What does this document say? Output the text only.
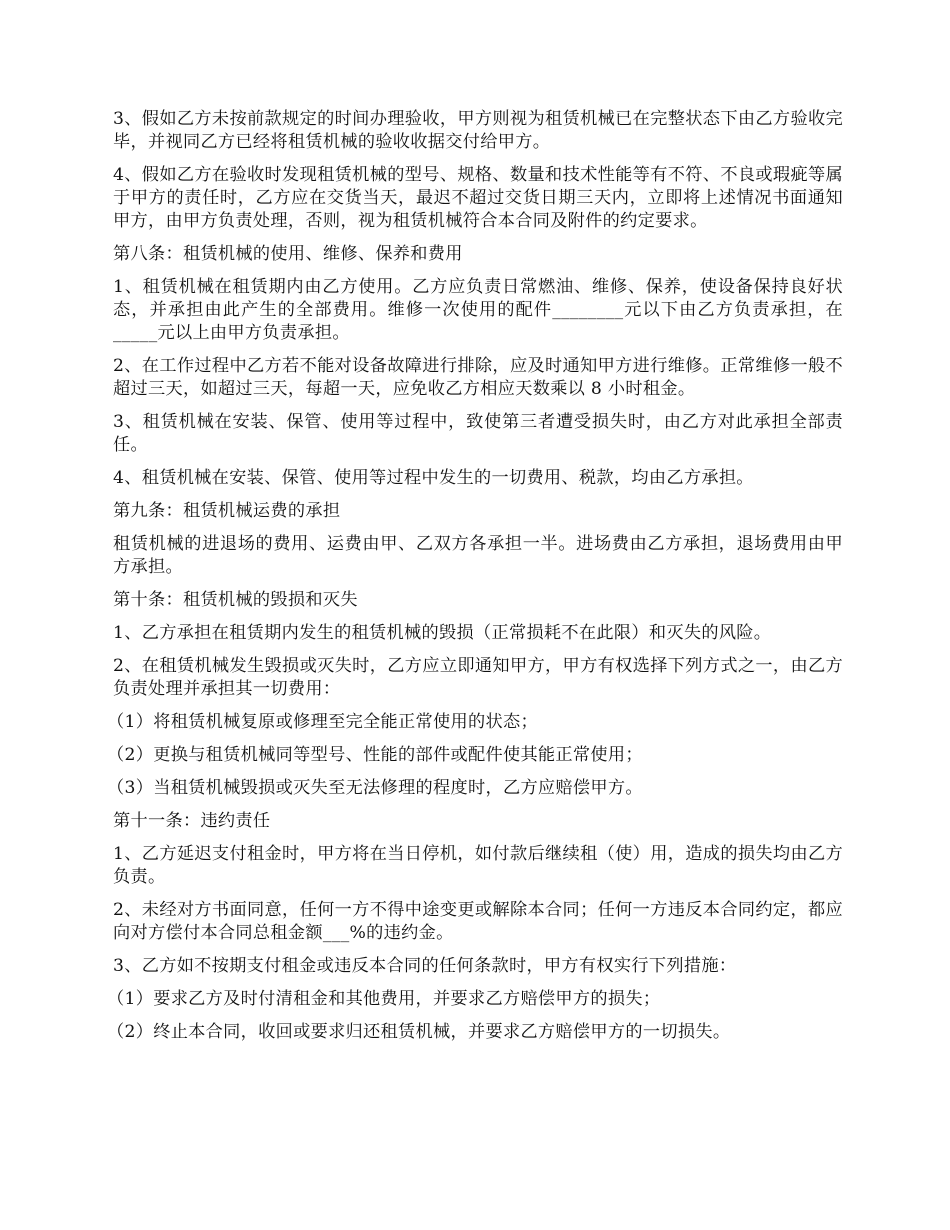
3、假如乙方未按前款规定的时间办理验收，甲方则视为租赁机械已在完整状态下由乙方验收完毕，并视同乙方已经将租赁机械的验收收据交付给甲方。

4、假如乙方在验收时发现租赁机械的型号、规格、数量和技术性能等有不符、不良或瑕疵等属于甲方的责任时，乙方应在交货当天，最迟不超过交货日期三天内，立即将上述情况书面通知甲方，由甲方负责处理，否则，视为租赁机械符合本合同及附件的约定要求。

第八条：租赁机械的使用、维修、保养和费用

1、租赁机械在租赁期内由乙方使用。乙方应负责日常燃油、维修、保养，使设备保持良好状态，并承担由此产生的全部费用。维修一次使用的配件________元以下由乙方负责承担，在_____元以上由甲方负责承担。

2、在工作过程中乙方若不能对设备故障进行排除，应及时通知甲方进行维修。正常维修一般不超过三天，如超过三天，每超一天，应免收乙方相应天数乘以 8 小时租金。

3、租赁机械在安装、保管、使用等过程中，致使第三者遭受损失时，由乙方对此承担全部责任。

4、租赁机械在安装、保管、使用等过程中发生的一切费用、税款，均由乙方承担。

第九条：租赁机械运费的承担

租赁机械的进退场的费用、运费由甲、乙双方各承担一半。进场费由乙方承担，退场费用由甲方承担。

第十条：租赁机械的毁损和灭失

1、乙方承担在租赁期内发生的租赁机械的毁损（正常损耗不在此限）和灭失的风险。

2、在租赁机械发生毁损或灭失时，乙方应立即通知甲方，甲方有权选择下列方式之一，由乙方负责处理并承担其一切费用：

（1）将租赁机械复原或修理至完全能正常使用的状态；

（2）更换与租赁机械同等型号、性能的部件或配件使其能正常使用；

（3）当租赁机械毁损或灭失至无法修理的程度时，乙方应赔偿甲方。

第十一条：违约责任

1、乙方延迟支付租金时，甲方将在当日停机，如付款后继续租（使）用，造成的损失均由乙方负责。

2、未经对方书面同意，任何一方不得中途变更或解除本合同；任何一方违反本合同约定，都应向对方偿付本合同总租金额___%的违约金。

3、乙方如不按期支付租金或违反本合同的任何条款时，甲方有权实行下列措施：

（1）要求乙方及时付清租金和其他费用，并要求乙方赔偿甲方的损失；

（2）终止本合同，收回或要求归还租赁机械，并要求乙方赔偿甲方的一切损失。
